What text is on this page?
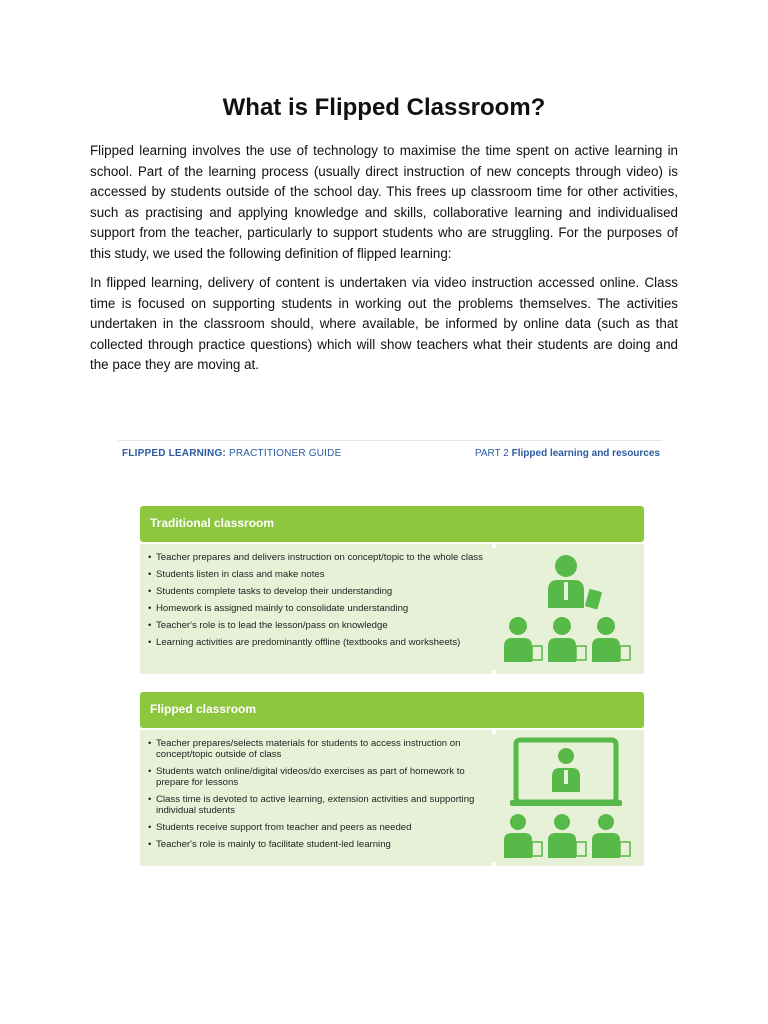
What is Flipped Classroom?

Flipped learning involves the use of technology to maximise the time spent on active learning in school. Part of the learning process (usually direct instruction of new concepts through video) is accessed by students outside of the school day. This frees up classroom time for other activities, such as practising and applying knowledge and skills, collaborative learning and individualised support from the teacher, particularly to support students who are struggling. For the purposes of this study, we used the following definition of flipped learning:

In flipped learning, delivery of content is undertaken via video instruction accessed online. Class time is focused on supporting students in working out the problems themselves. The activities undertaken in the classroom should, where available, be informed by online data (such as that collected through practice questions) which will show teachers what their students are doing and the pace they are moving at.

FLIPPED LEARNING: PRACTITIONER GUIDE	PART 2 Flipped learning and resources
Traditional classroom
• Teacher prepares and delivers instruction on concept/topic to the whole class
• Students listen in class and make notes
• Students complete tasks to develop their understanding
• Homework is assigned mainly to consolidate understanding
• Teacher's role is to lead the lesson/pass on knowledge
• Learning activities are predominantly offline (textbooks and worksheets)
Flipped classroom
• Teacher prepares/selects materials for students to access instruction on concept/topic outside of class
• Students watch online/digital videos/do exercises as part of homework to prepare for lessons
• Class time is devoted to active learning, extension activities and supporting individual students
• Students receive support from teacher and peers as needed
• Teacher's role is mainly to facilitate student-led learning
